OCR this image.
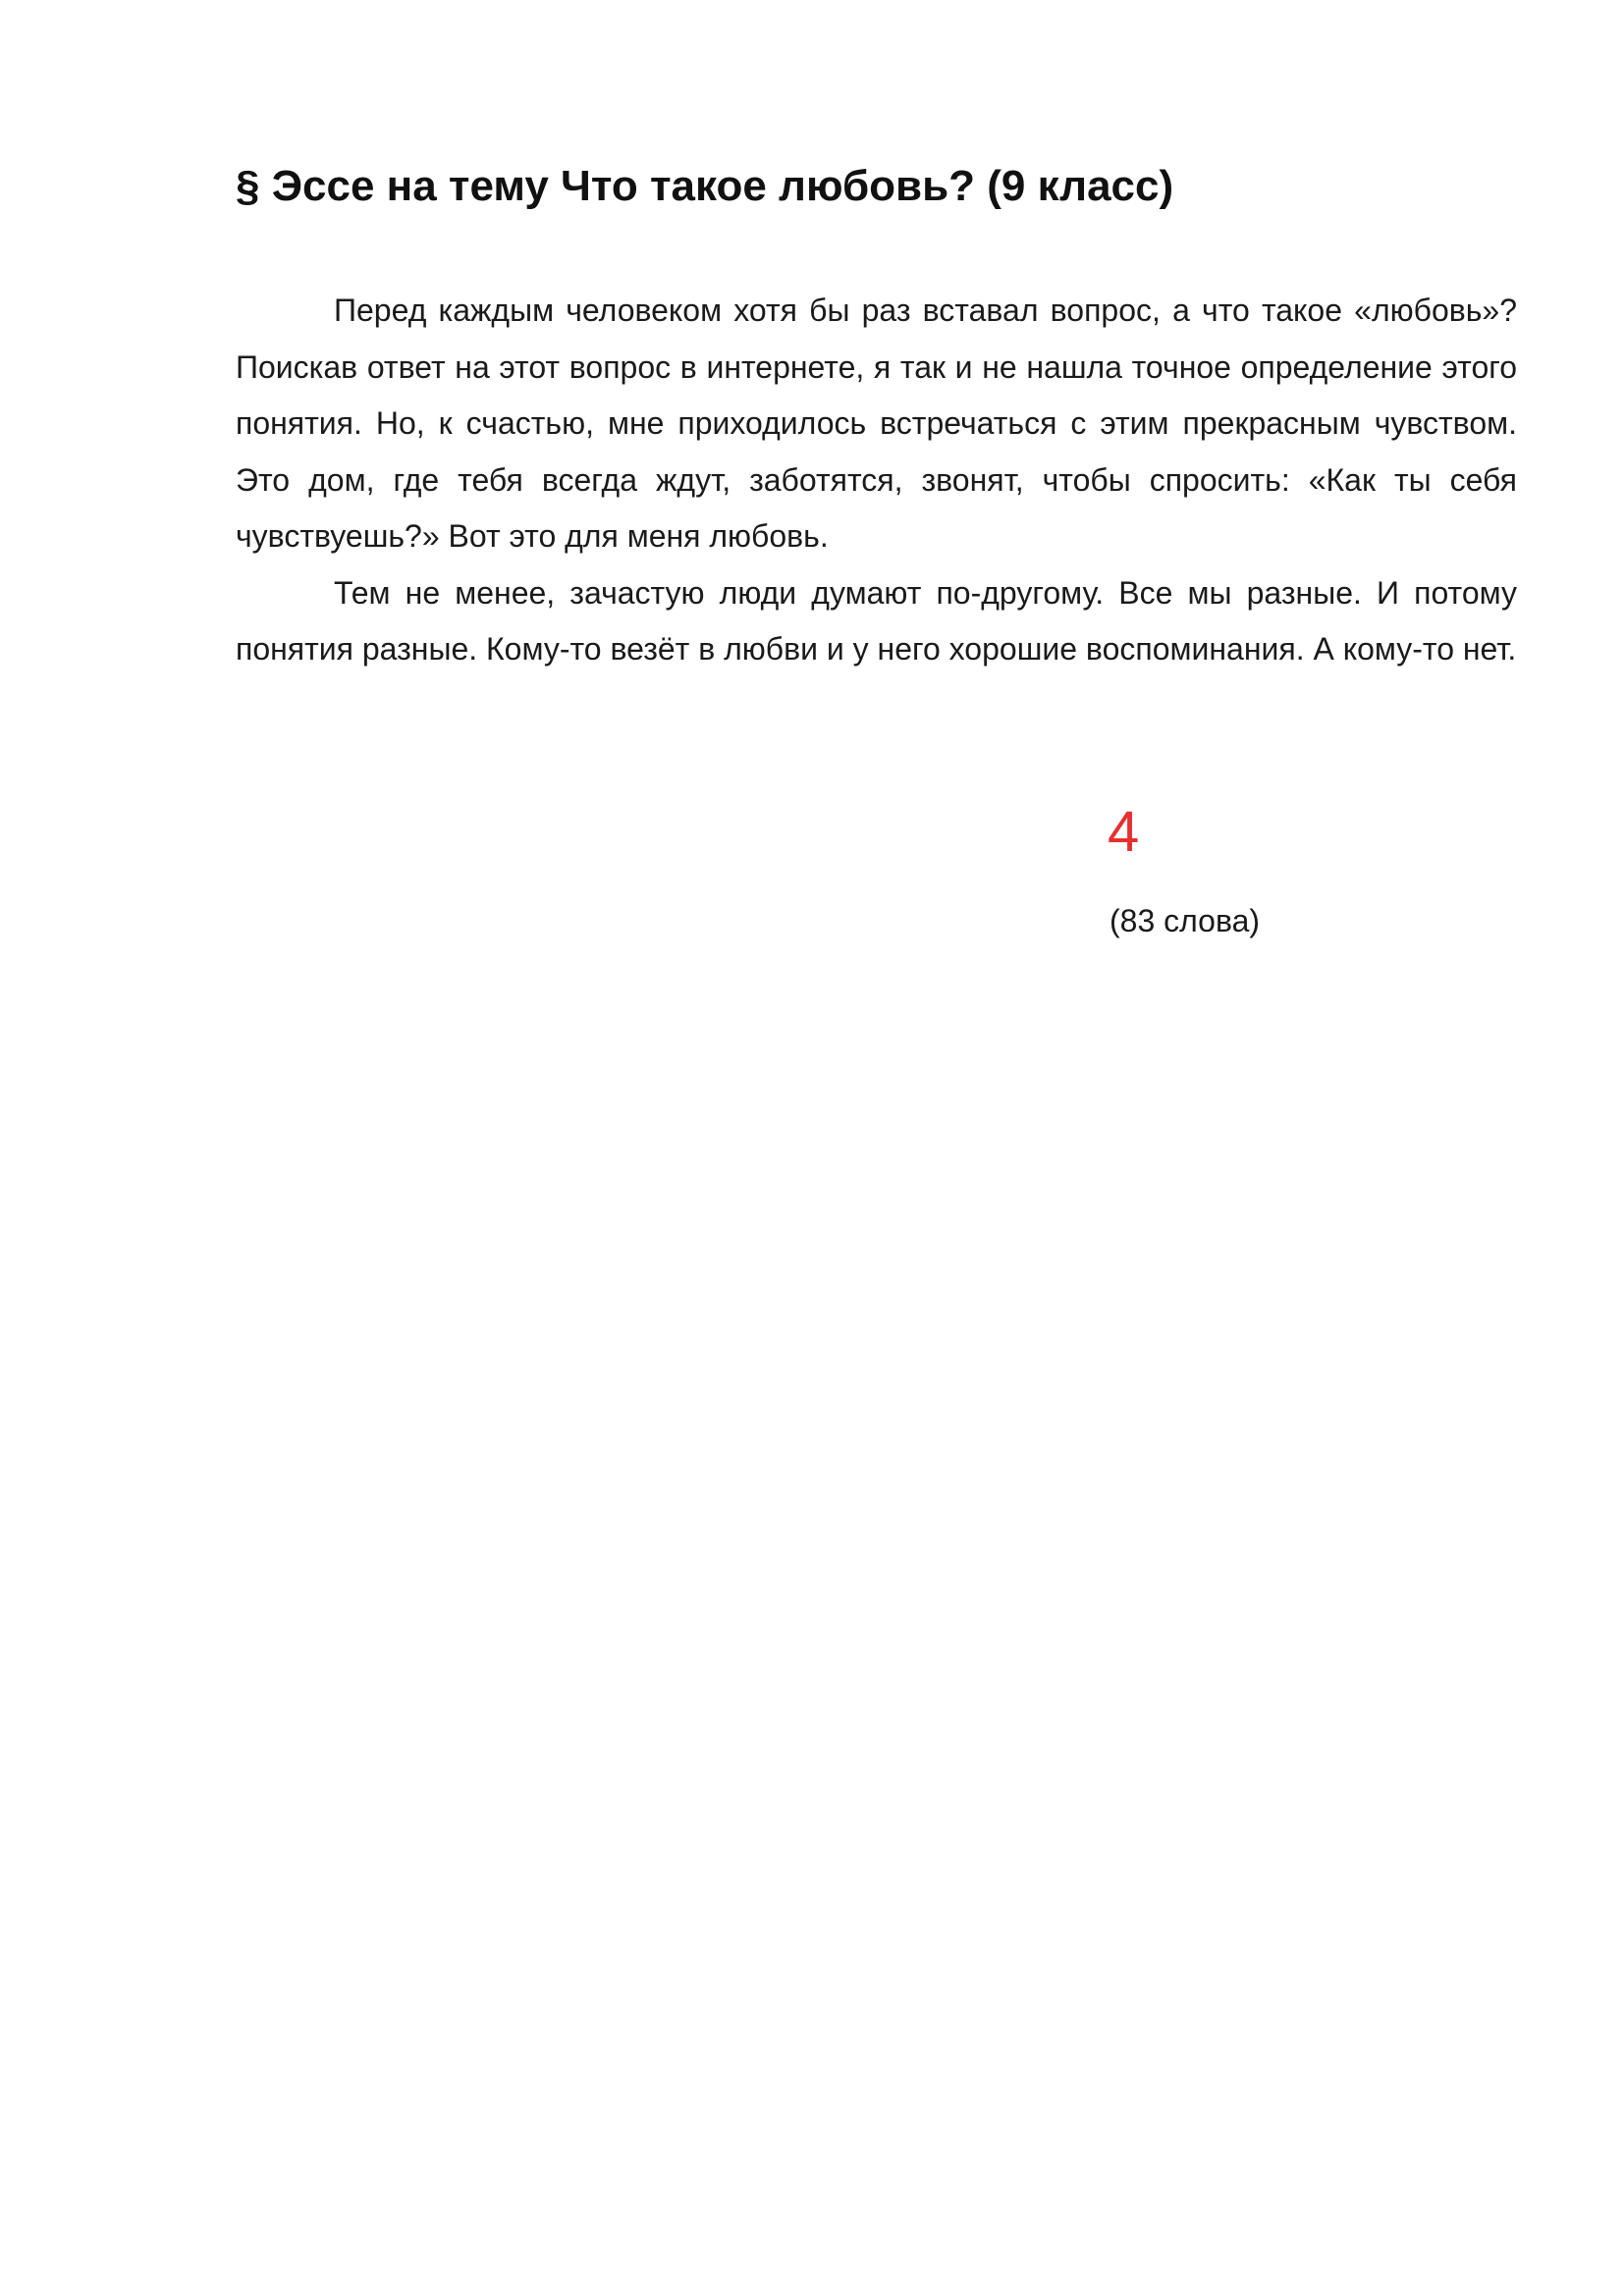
§ Эссе на тему Что такое любовь? (9 класс)

Перед каждым человеком хотя бы раз вставал вопрос, а что такое «любовь»? Поискав ответ на этот вопрос в интернете, я так и не нашла точное определение этого понятия. Но, к счастью, мне приходилось встречаться с этим прекрасным чувством. Это дом, где тебя всегда ждут, заботятся, звонят, чтобы спросить: «Как ты себя чувствуешь?» Вот это для меня любовь.

Тем не менее, зачастую люди думают по-другому. Все мы разные. И потому понятия разные. Кому-то везёт в любви и у него хорошие воспоминания. А кому-то нет.

4
(83 слова)
